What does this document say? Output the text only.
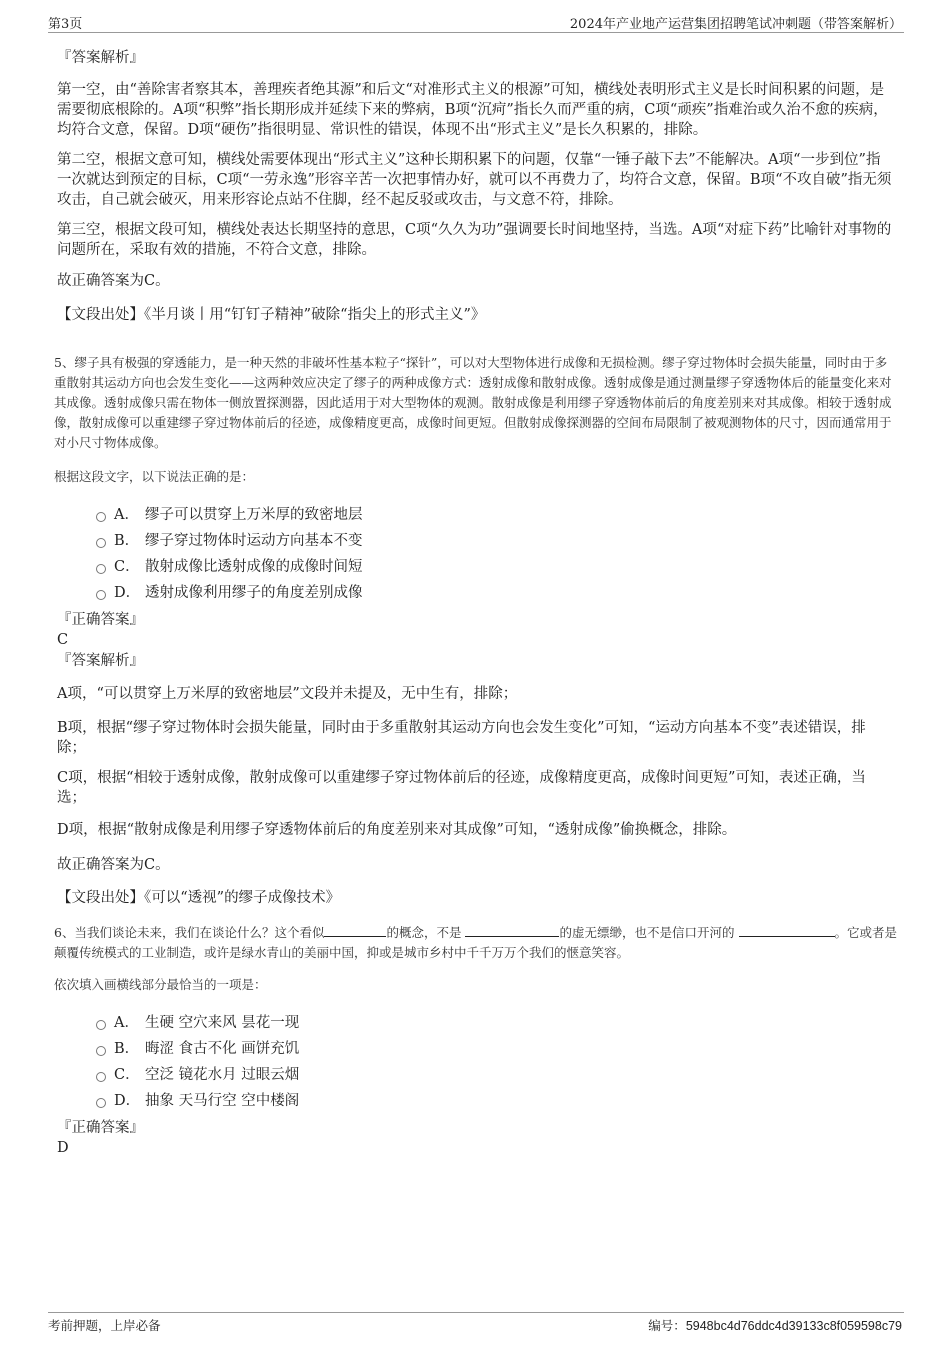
第3页	2024年产业地产运营集团招聘笔试冲刺题（带答案解析）
『答案解析』
第一空，由“善除害者察其本，善理疾者绝其源”和后文“对准形式主义的根源”可知，横线处表明形式主义是长时间积累的问题，是需要彻底根除的。A项“积弊”指长期形成并延续下来的弊病，B项“沉疴”指长久而严重的病，C项“顽疾”指难治或久治不愈的疾病，均符合文意，保留。D项“硬伤”指很明显、常识性的错误，体现不出“形式主义”是长久积累的，排除。
第二空，根据文意可知，横线处需要体现出“形式主义”这种长期积累下的问题，仅靠“一锤子敲下去”不能解决。A项“一步到位”指一次就达到预定的目标，C项“一劳永逸”形容辛苦一次把事情办好，就可以不再费力了，均符合文意，保留。B项“不攻自破”指无须攻击，自己就会破灭，用来形容论点站不住脚，经不起反驳或攻击，与文意不符，排除。
第三空，根据文段可知，横线处表达长期坚持的意思，C项“久久为功”强调要长时间地坚持，当选。A项“对症下药”比喻针对事物的问题所在，采取有效的措施，不符合文意，排除。
故正确答案为C。
【文段出处】《半月谈丨用“钉钉子精神”破除“指尖上的形式主义”》
5、缪子具有极强的穿透能力，是一种天然的非破坏性基本粒子“探针”，可以对大型物体进行成像和无损检测。缪子穿过物体时会损失能量，同时由于多重散射其运动方向也会发生变化——这两种效应决定了缪子的两种成像方式：透射成像和散射成像。透射成像是通过测量缪子穿透物体后的能量变化来对其成像。透射成像只需在物体一侧放置探测器，因此适用于对大型物体的观测。散射成像是利用缪子穿透物体前后的角度差别来对其成像。相较于透射成像，散射成像可以重建缪子穿过物体前后的径迹，成像精度更高，成像时间更短。但散射成像探测器的空间布局限制了被观测物体的尺寸，因而通常用于对小尺寸物体成像。
根据这段文字，以下说法正确的是：
A． 缪子可以贯穿上万米厚的致密地层
B． 缪子穿过物体时运动方向基本不变
C． 散射成像比透射成像的成像时间短
D． 透射成像利用缪子的角度差别成像
『正确答案』
C
『答案解析』
A项，“可以贯穿上万米厚的致密地层”文段并未提及，无中生有，排除；
B项，根据“缪子穿过物体时会损失能量，同时由于多重散射其运动方向也会发生变化”可知，“运动方向基本不变”表述错误，排除；
C项，根据“相较于透射成像，散射成像可以重建缪子穿过物体前后的径迹，成像精度更高，成像时间更短”可知，表述正确，当选；
D项，根据“散射成像是利用缪子穿透物体前后的角度差别来对其成像”可知，“透射成像”偷换概念，排除。
故正确答案为C。
【文段出处】《可以“透视”的缪子成像技术》
6、当我们谈论未来，我们在谈论什么？这个看似	的概念，不是	的虚无缥缈，也不是信口开河的	。它或者是颠覆传统模式的工业制造，或许是绿水青山的美丽中国，抑或是城市乡村中千千万万个我们的惬意笑容。
依次填入画横线部分最恰当的一项是：
A． 生硬 空穴来风 昙花一现
B． 晦涩 食古不化 画饼充饥
C． 空泛 镜花水月 过眼云烟
D． 抽象 天马行空 空中楼阁
『正确答案』
D
考前押题，上岸必备	编号：5948bc4d76ddc4d39133c8f059598c79
